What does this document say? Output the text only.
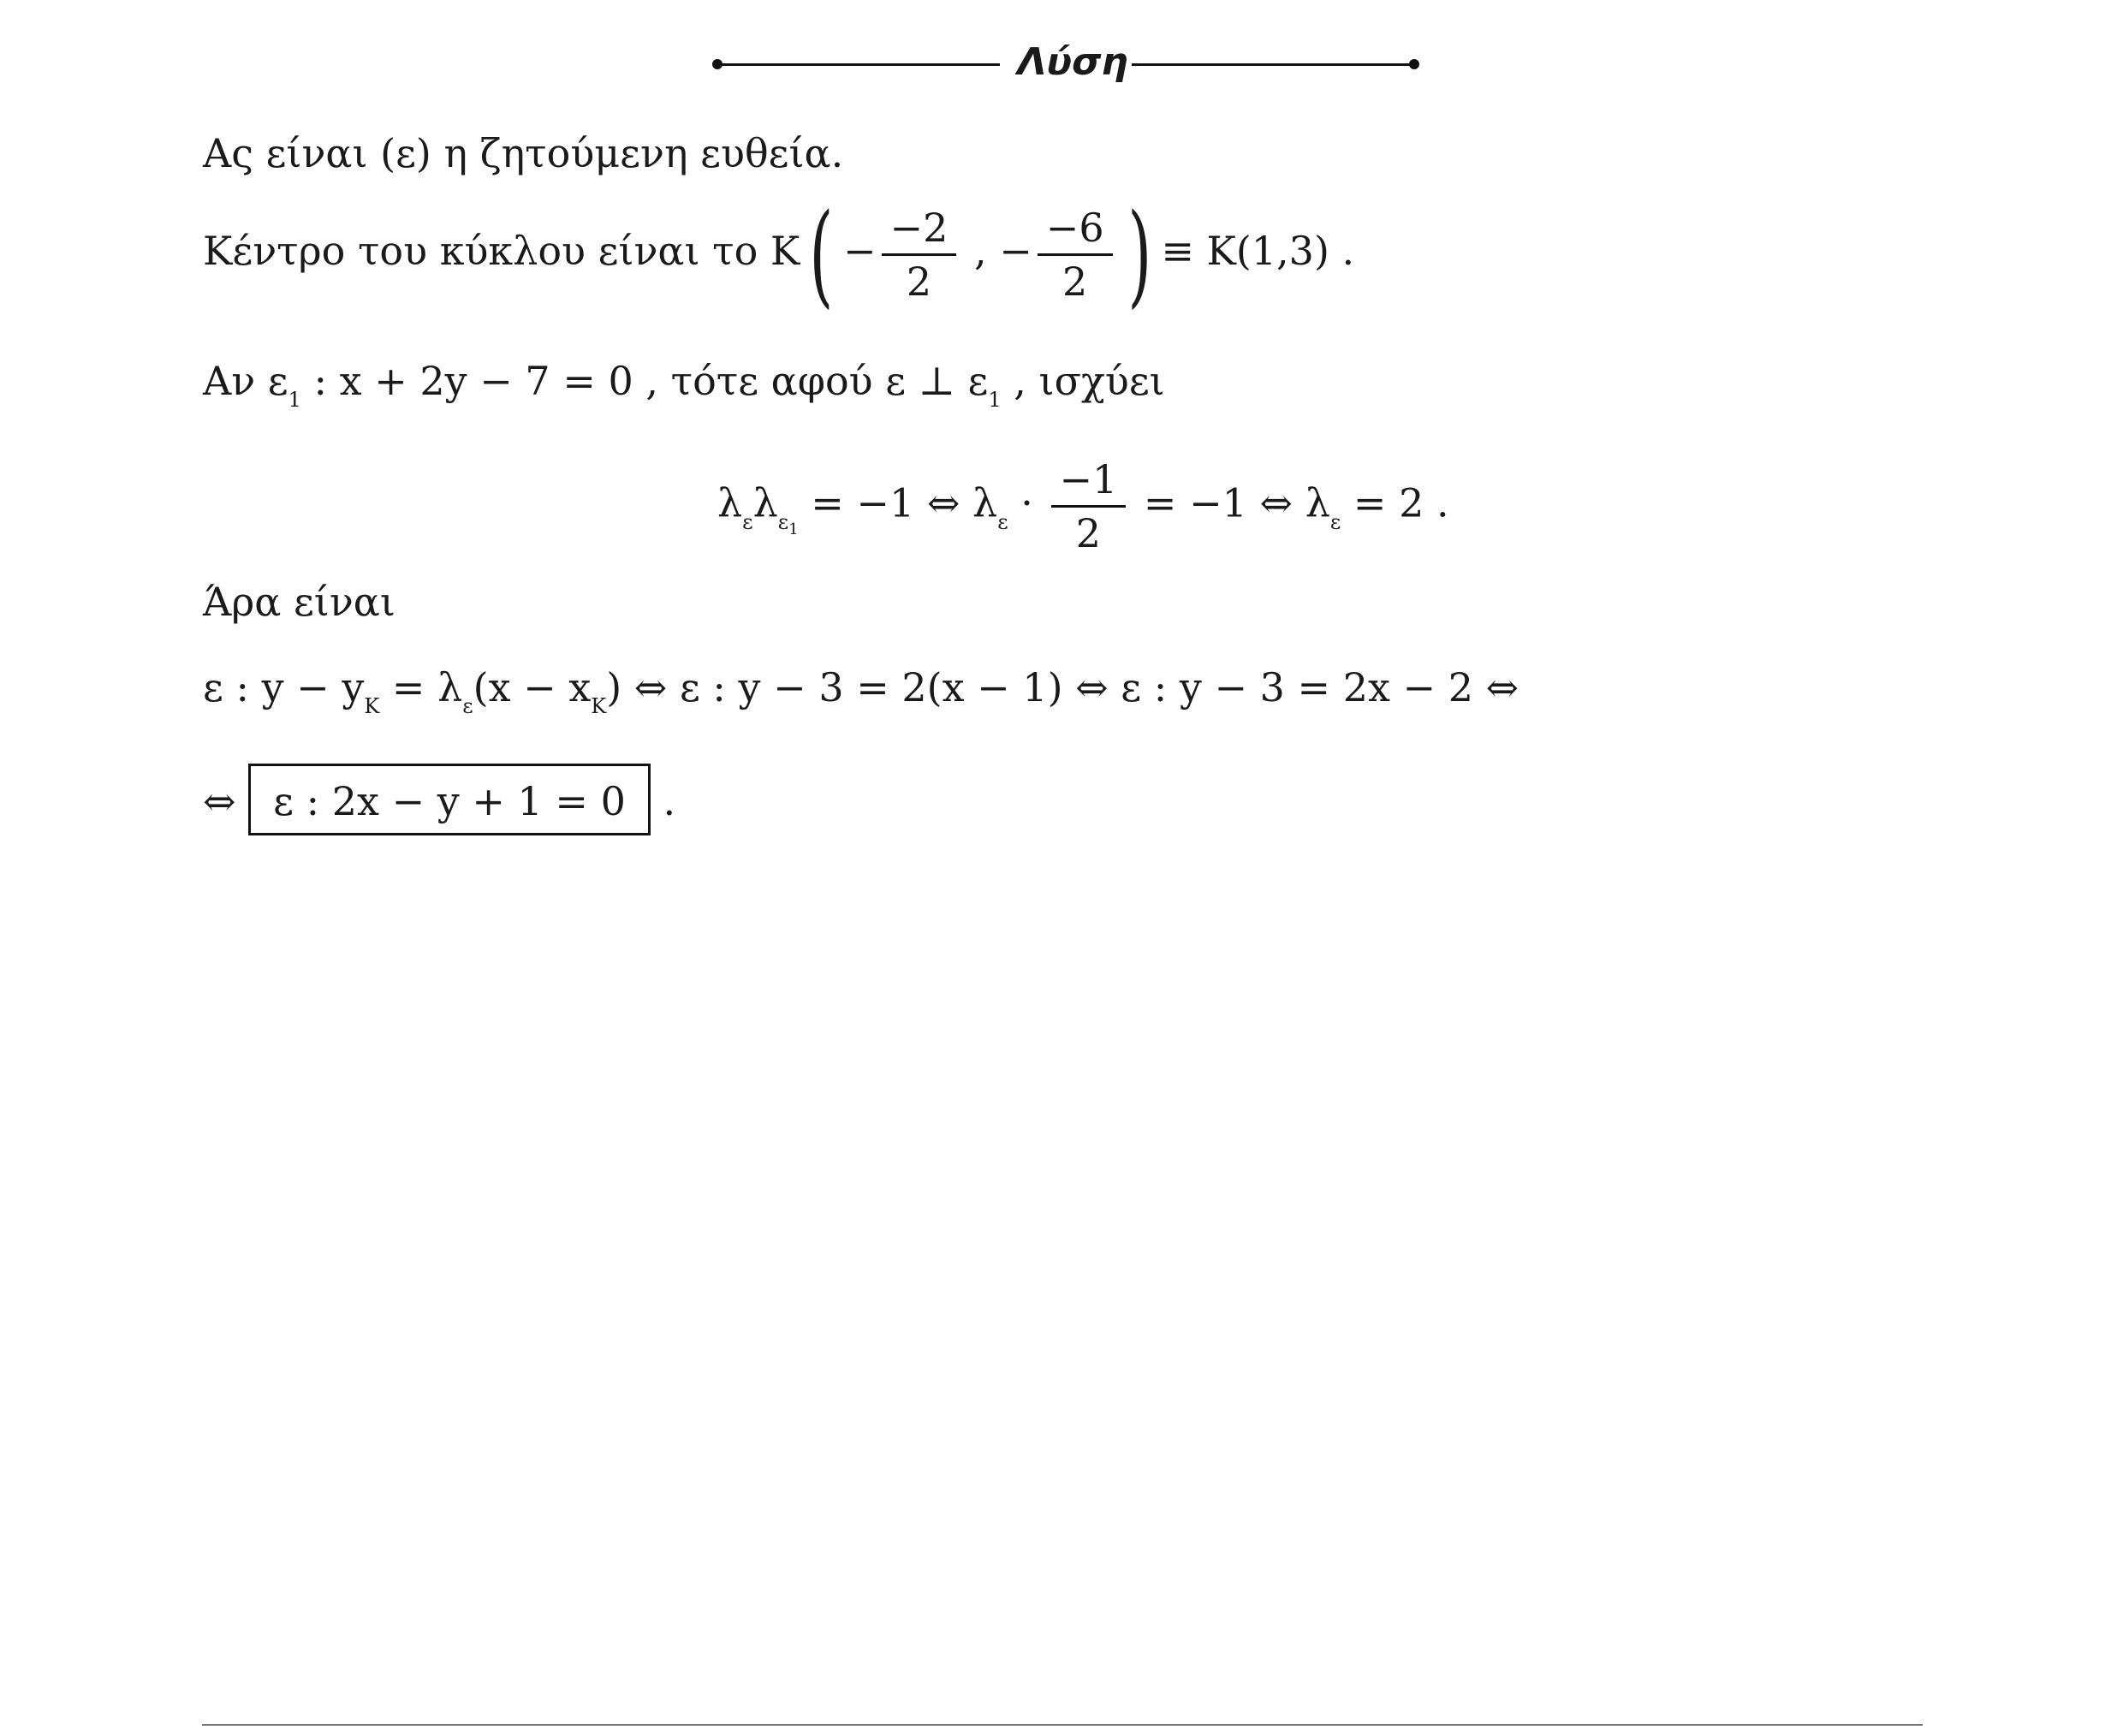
Λύση
Ας είναι (ε) η ζητούμενη ευθεία.
Κέντρο του κύκλου είναι το $K( - \frac{-2}{2}$ , − $\frac{-6}{2}$ ) ≡ Κ(1,3) .
Αν $\varepsilon_1$ : x + 2y − 7 = 0 , τότε αφού ε ⊥ $\varepsilon_1$ , ισχύει
$\lambda_\varepsilon\lambda_{\varepsilon_1} = -1$ ⇔ $\lambda_\varepsilon \cdot \frac{-1}{2} = -1$ ⇔ $\lambda_\varepsilon = 2$ .
Άρα είναι
ε : $y - y_K = \lambda_\varepsilon(x - x_K)$ ⇔ ε : y − 3 = 2(x − 1) ⇔ ε : y − 3 = 2x − 2 ⇔
⇔ ε : 2x − y + 1 = 0 .
